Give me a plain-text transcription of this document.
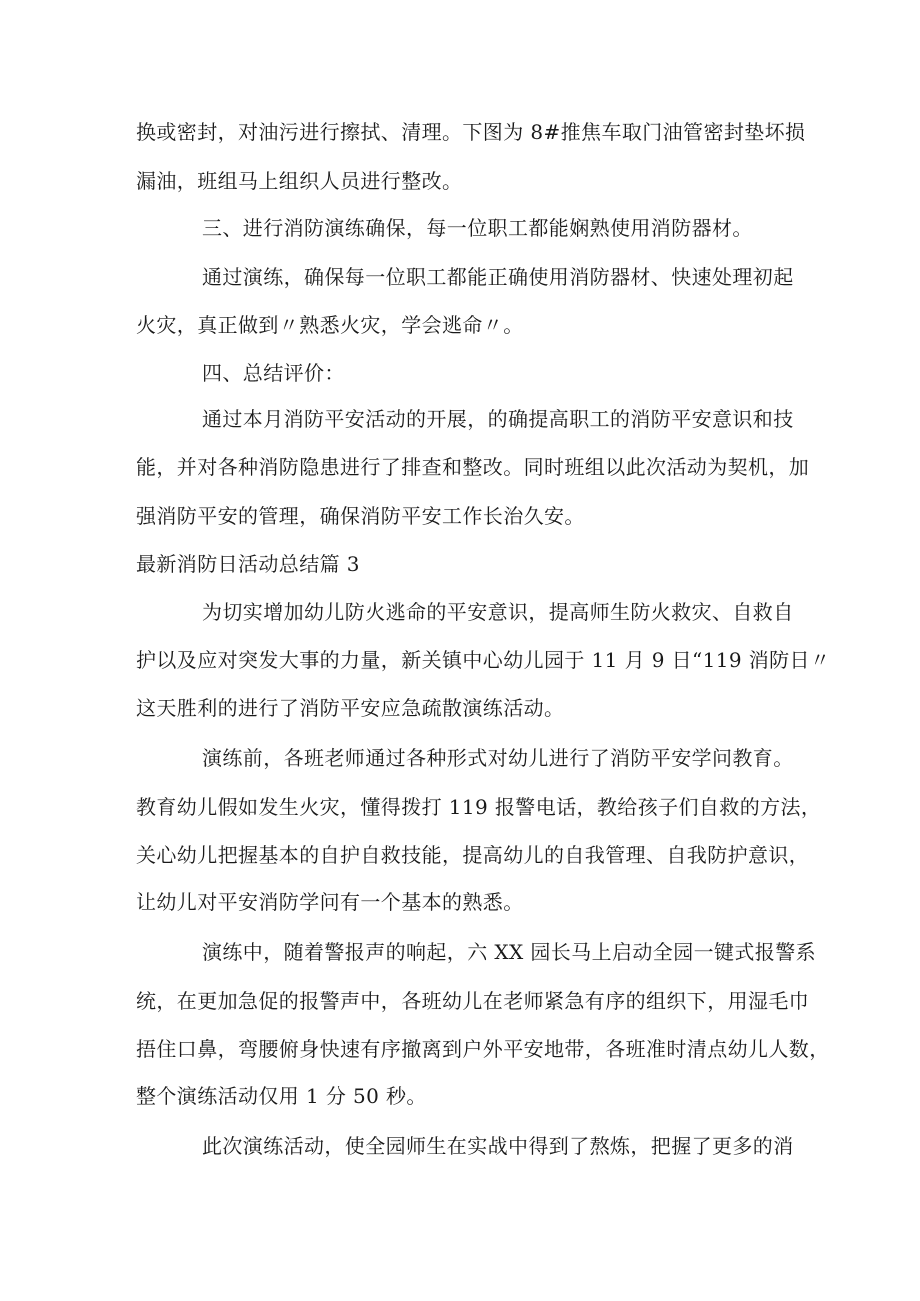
换或密封，对油污进行擦拭、清理。下图为 8#推焦车取门油管密封垫坏损
漏油，班组马上组织人员进行整改。
三、进行消防演练确保，每一位职工都能娴熟使用消防器材。
通过演练，确保每一位职工都能正确使用消防器材、快速处理初起
火灾，真正做到〃熟悉火灾，学会逃命〃。
四、总结评价：
通过本月消防平安活动的开展，的确提高职工的消防平安意识和技
能，并对各种消防隐患进行了排查和整改。同时班组以此次活动为契机，加
强消防平安的管理，确保消防平安工作长治久安。
最新消防日活动总结篇 3
为切实增加幼儿防火逃命的平安意识，提高师生防火救灾、自救自
护以及应对突发大事的力量，新关镇中心幼儿园于 11 月 9 日“119 消防日〃
这天胜利的进行了消防平安应急疏散演练活动。
演练前，各班老师通过各种形式对幼儿进行了消防平安学问教育。
教育幼儿假如发生火灾，懂得拨打 119 报警电话，教给孩子们自救的方法，
关心幼儿把握基本的自护自救技能，提高幼儿的自我管理、自我防护意识，
让幼儿对平安消防学问有一个基本的熟悉。
演练中，随着警报声的响起，六 XX 园长马上启动全园一键式报警系
统，在更加急促的报警声中，各班幼儿在老师紧急有序的组织下，用湿毛巾
捂住口鼻，弯腰俯身快速有序撤离到户外平安地带，各班准时清点幼儿人数，
整个演练活动仅用 1 分 50 秒。
此次演练活动，使全园师生在实战中得到了熬炼，把握了更多的消
